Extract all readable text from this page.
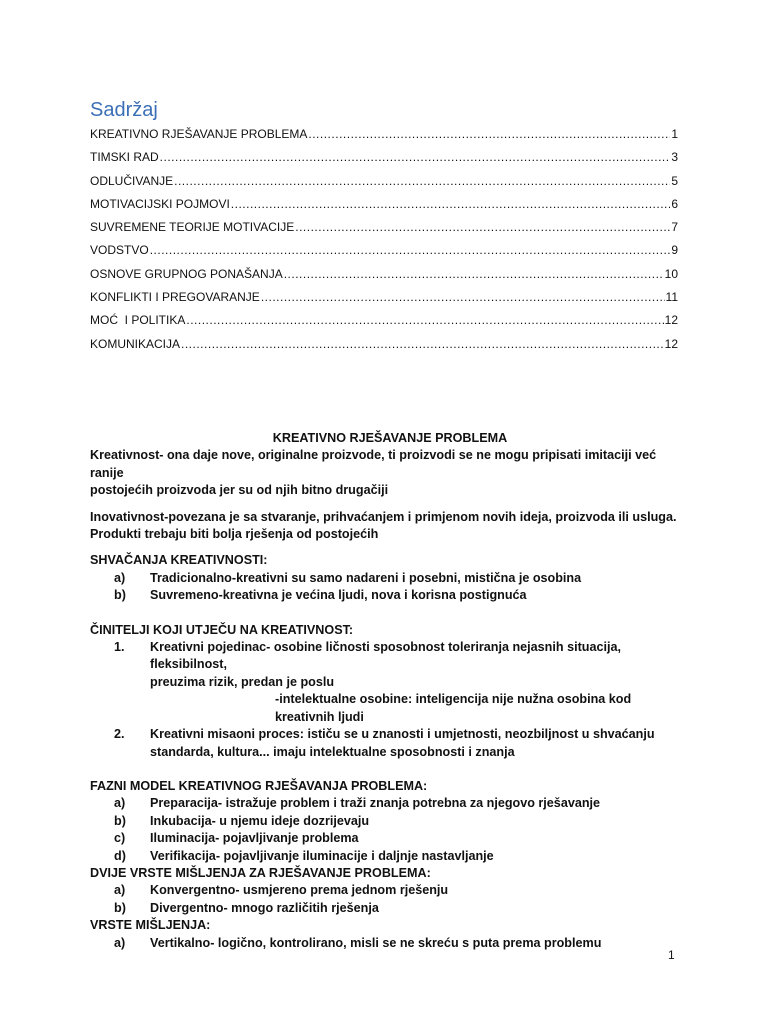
Sadržaj
KREATIVNO RJEŠAVANJE PROBLEMA .....	1
TIMSKI RAD .....	3
ODLUČIVANJE .....	5
MOTIVACIJSKI POJMOVI .....	6
SUVREMENE TEORIJE MOTIVACIJE .....	7
VODSTVO .....	9
OSNOVE GRUPNOG PONAŠANJA .....	10
KONFLIKTI I PREGOVARANJE .....	11
MOĆ  I POLITIKA .....	12
KOMUNIKACIJA .....	12
KREATIVNO RJEŠAVANJE PROBLEMA
Kreativnost- ona daje nove, originalne proizvode, ti proizvodi se ne mogu pripisati imitaciji već ranije
postojećih proizvoda jer su od njih bitno drugačiji
Inovativnost-povezana je sa stvaranje, prihvaćanjem i primjenom novih ideja, proizvoda ili usluga.
Produkti trebaju biti bolja rješenja od postojećih
SHVAČANJA KREATIVNOSTI:
a)	Tradicionalno-kreativni su samo nadareni i posebni, mistična je osobina
b)	Suvremeno-kreativna je većina ljudi, nova i korisna postignuća
ČINITELJI KOJI UTJEČU NA KREATIVNOST:
1.	Kreativni pojedinac- osobine ličnosti sposobnost toleriranja nejasnih situacija, fleksibilnost,
preuzima rizik, predan je poslu
-intelektualne osobine: inteligencija nije nužna osobina kod
kreativnih ljudi
2.	Kreativni misaoni proces: ističu se u znanosti i umjetnosti, neozbiljnost u shvaćanju
standarda, kultura... imaju intelektualne sposobnosti i znanja
FAZNI MODEL KREATIVNOG RJEŠAVANJA PROBLEMA:
a)	Preparacija- istražuje problem i traži znanja potrebna za njegovo rješavanje
b)	Inkubacija- u njemu ideje dozrijevaju
c)	Iluminacija- pojavljivanje problema
d)	Verifikacija- pojavljivanje iluminacije i daljnje nastavljanje
DVIJE VRSTE MIŠLJENJA ZA RJEŠAVANJE PROBLEMA:
a)	Konvergentno- usmjereno prema jednom rješenju
b)	Divergentno- mnogo različitih rješenja
VRSTE MIŠLJENJA:
a)	Vertikalno- logično, kontrolirano, misli se ne skreću s puta prema problemu
1
